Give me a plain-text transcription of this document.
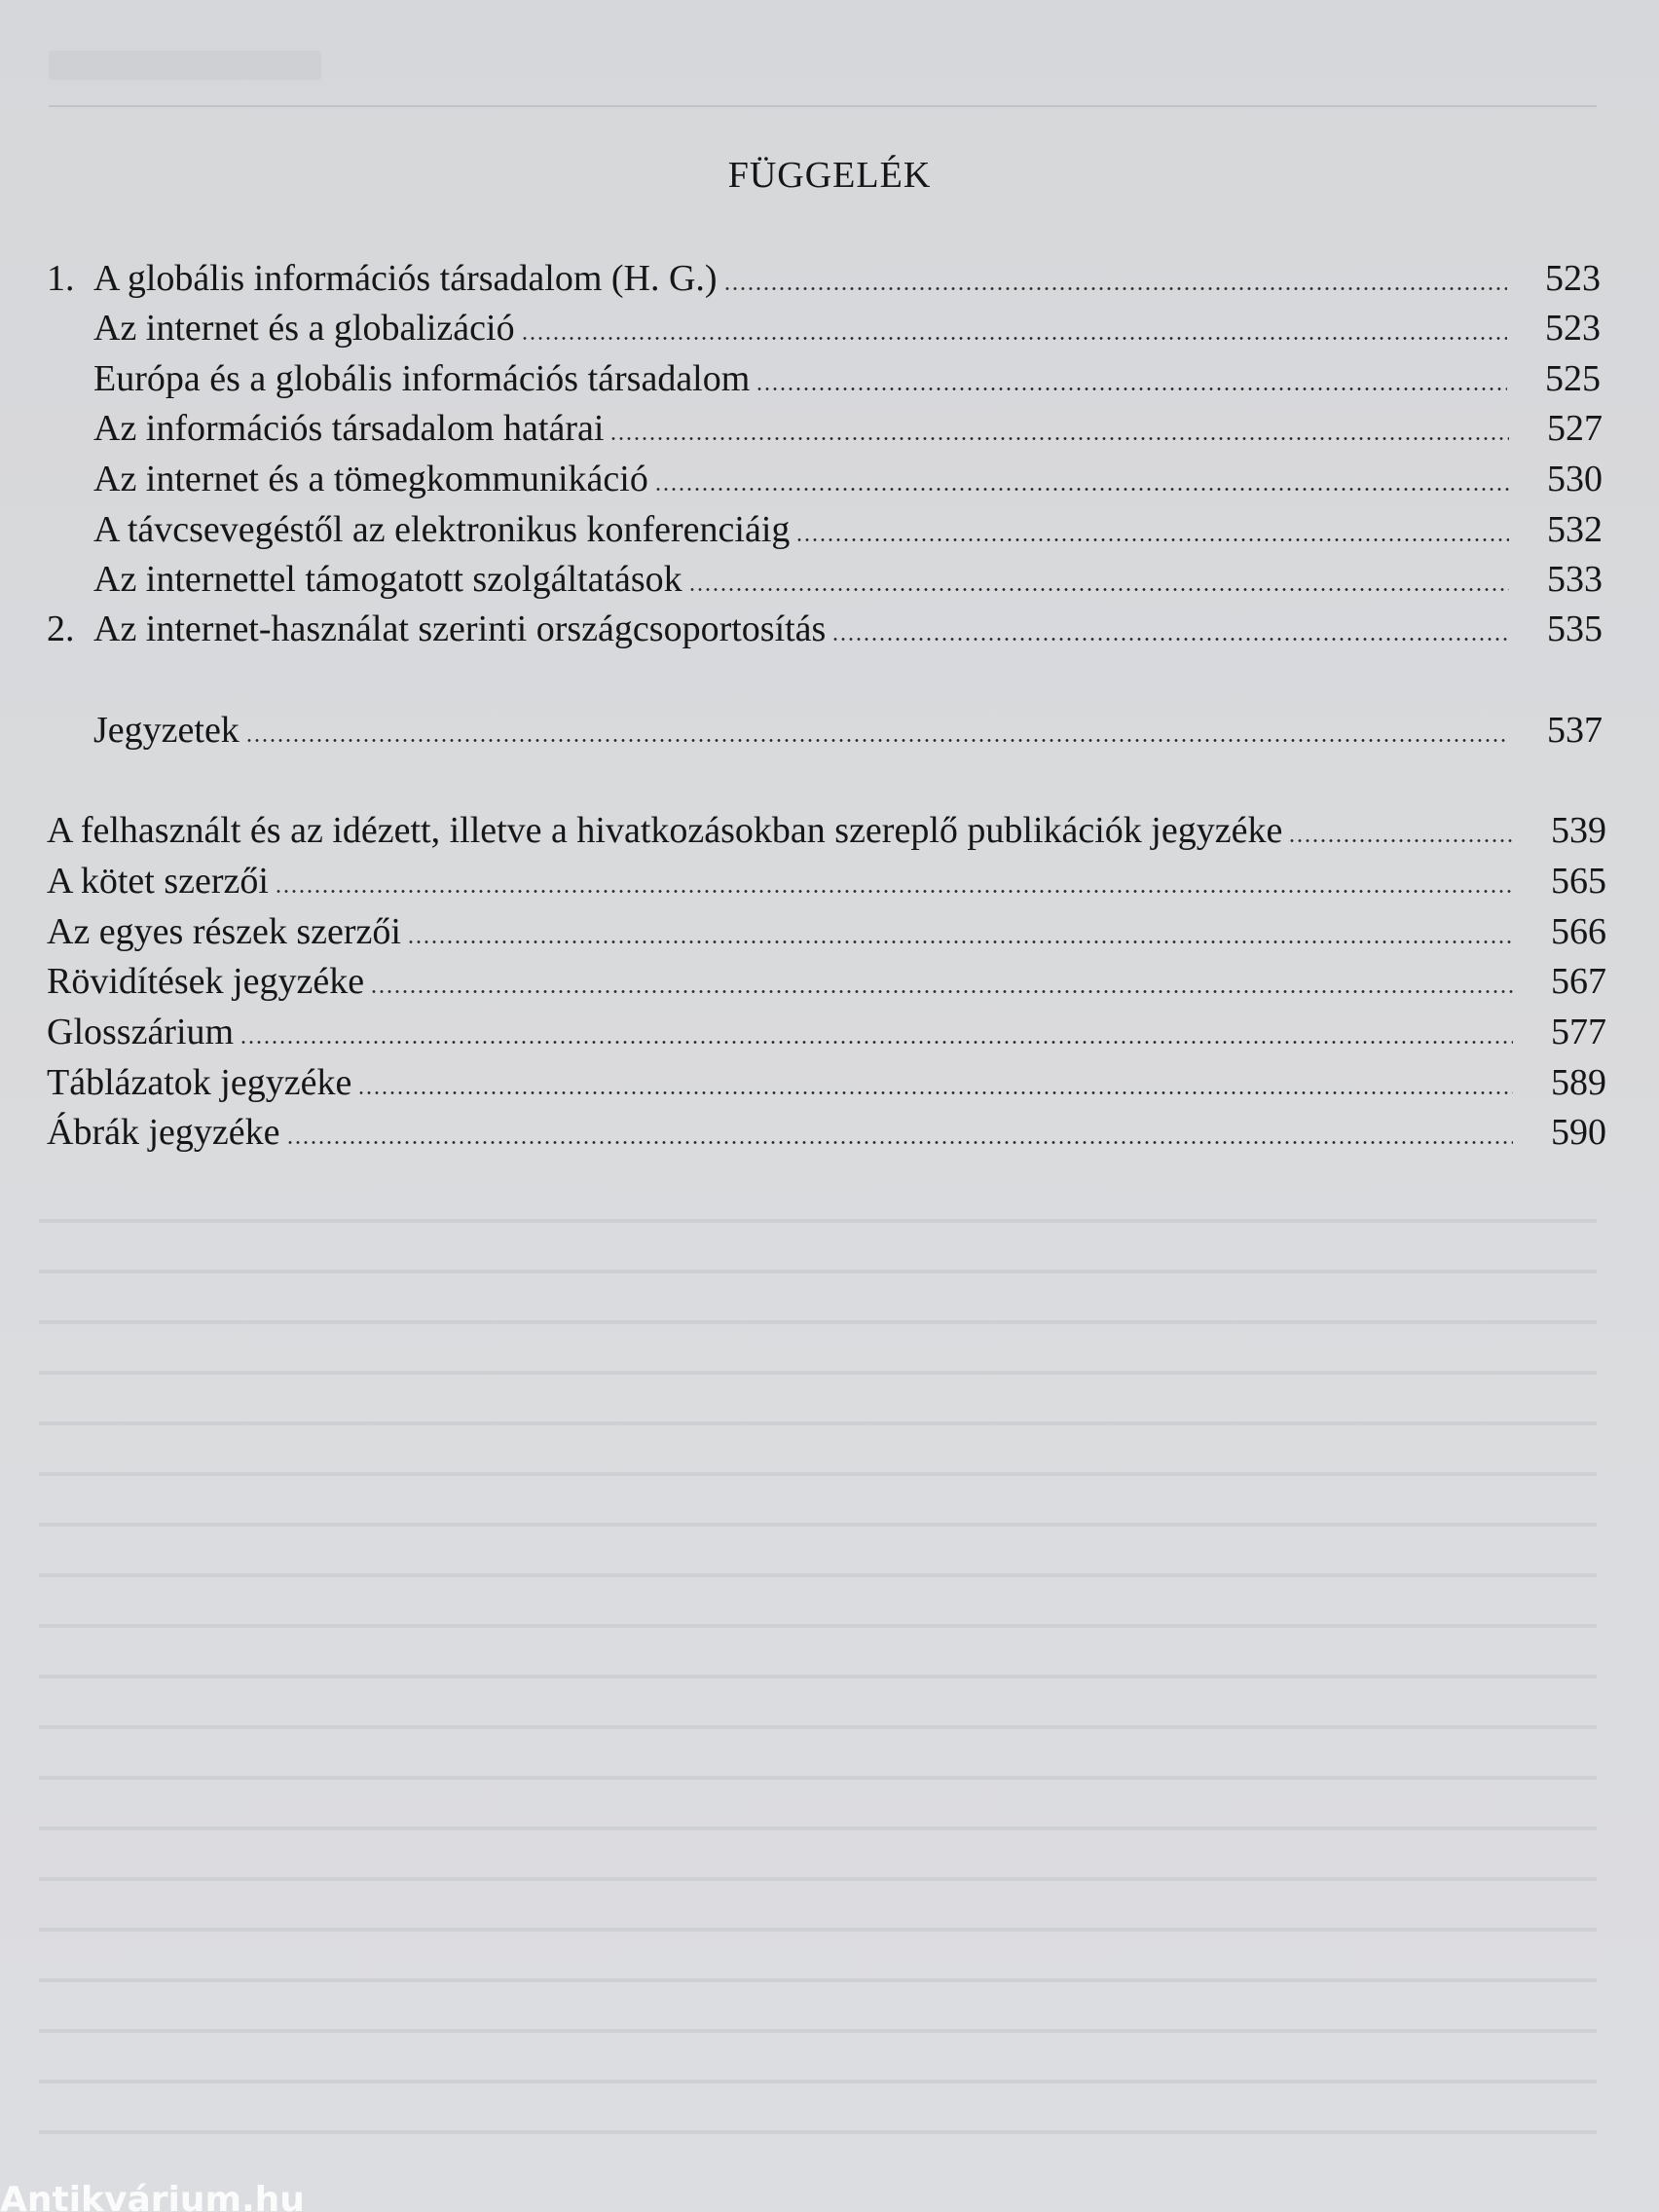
FÜGGELÉK
1. A globális információs társadalom (H. G.)	523
Az internet és a globalizáció	523
Európa és a globális információs társadalom	525
Az információs társadalom határai	527
Az internet és a tömegkommunikáció	530
A távcsevegéstől az elektronikus konferenciáig	532
Az internettel támogatott szolgáltatások	533
2. Az internet-használat szerinti országcsoportosítás	535
Jegyzetek	537
A felhasznált és az idézett, illetve a hivatkozásokban szereplő publikációk jegyzéke	539
A kötet szerzői	565
Az egyes részek szerzői	566
Rövidítések jegyzéke	567
Glosszárium	577
Táblázatok jegyzéke	589
Ábrák jegyzéke	590
Antikvárium.hu
